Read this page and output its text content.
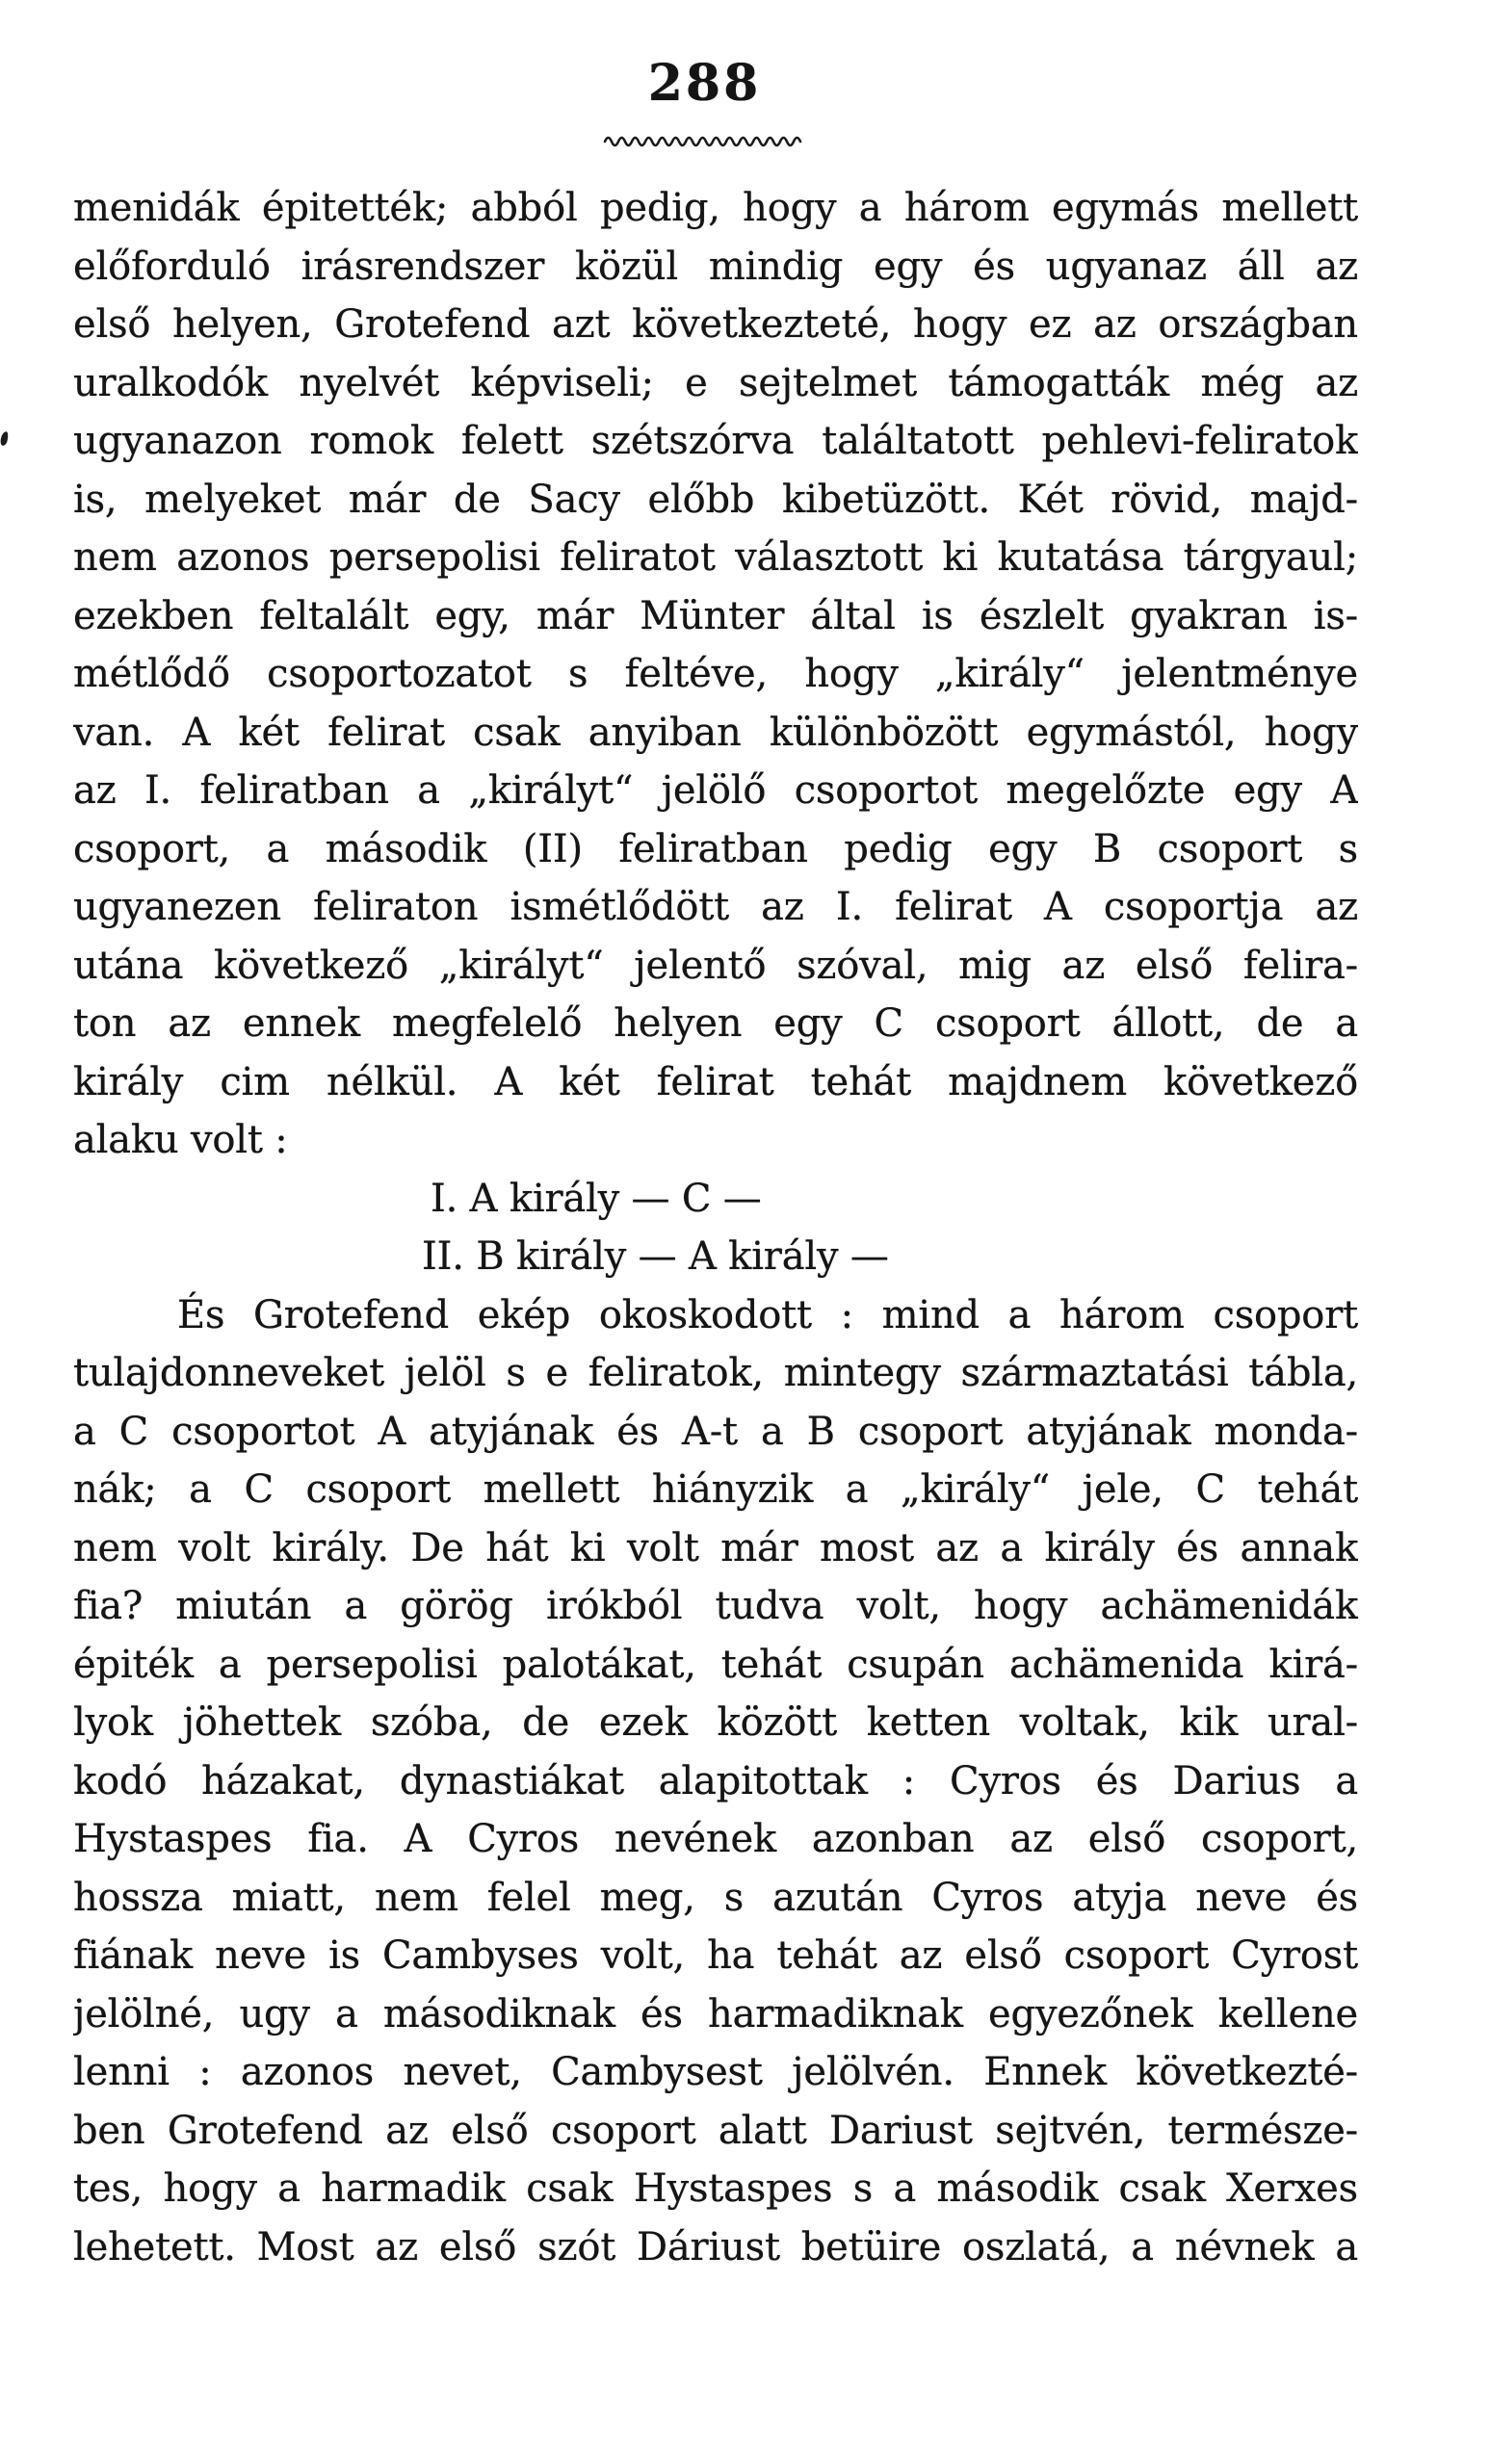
288

menidák épitették; abból pedig, hogy a három egymás mellett
előforduló irásrendszer közül mindig egy és ugyanaz áll az
első helyen, Grotefend azt következteté, hogy ez az országban
uralkodók nyelvét képviseli; e sejtelmet támogatták még az
ugyanazon romok felett szétszórva találtatott pehlevi-feliratok
is, melyeket már de Sacy előbb kibetüzött. Két rövid, majd-
nem azonos persepolisi feliratot választott ki kutatása tárgyaul;
ezekben feltalált egy, már Münter által is észlelt gyakran is-
métlődő csoportozatot s feltéve, hogy „király“ jelentménye
van. A két felirat csak anyiban különbözött egymástól, hogy
az I. feliratban a „királyt“ jelölő csoportot megelőzte egy A
csoport, a második (II) feliratban pedig egy B csoport s
ugyanezen feliraton ismétlődött az I. felirat A csoportja az
utána következő „királyt“ jelentő szóval, mig az első felira-
ton az ennek megfelelő helyen egy C csoport állott, de a
király cim nélkül. A két felirat tehát majdnem következő
alaku volt :
I. A király — C —
II. B király — A király —
És Grotefend ekép okoskodott : mind a három csoport
tulajdonneveket jelöl s e feliratok, mintegy származtatási tábla,
a C csoportot A atyjának és A-t a B csoport atyjának monda-
nák; a C csoport mellett hiányzik a „király“ jele, C tehát
nem volt király. De hát ki volt már most az a király és annak
fia? miután a görög irókból tudva volt, hogy achämenidák
épiték a persepolisi palotákat, tehát csupán achämenida kirá-
lyok jöhettek szóba, de ezek között ketten voltak, kik ural-
kodó házakat, dynastiákat alapitottak : Cyros és Darius a
Hystaspes fia. A Cyros nevének azonban az első csoport,
hossza miatt, nem felel meg, s azután Cyros atyja neve és
fiának neve is Cambyses volt, ha tehát az első csoport Cyrost
jelölné, ugy a másodiknak és harmadiknak egyezőnek kellene
lenni : azonos nevet, Cambysest jelölvén. Ennek következté-
ben Grotefend az első csoport alatt Dariust sejtvén, természe-
tes, hogy a harmadik csak Hystaspes s a második csak Xerxes
lehetett. Most az első szót Dáriust betüire oszlatá, a névnek a
